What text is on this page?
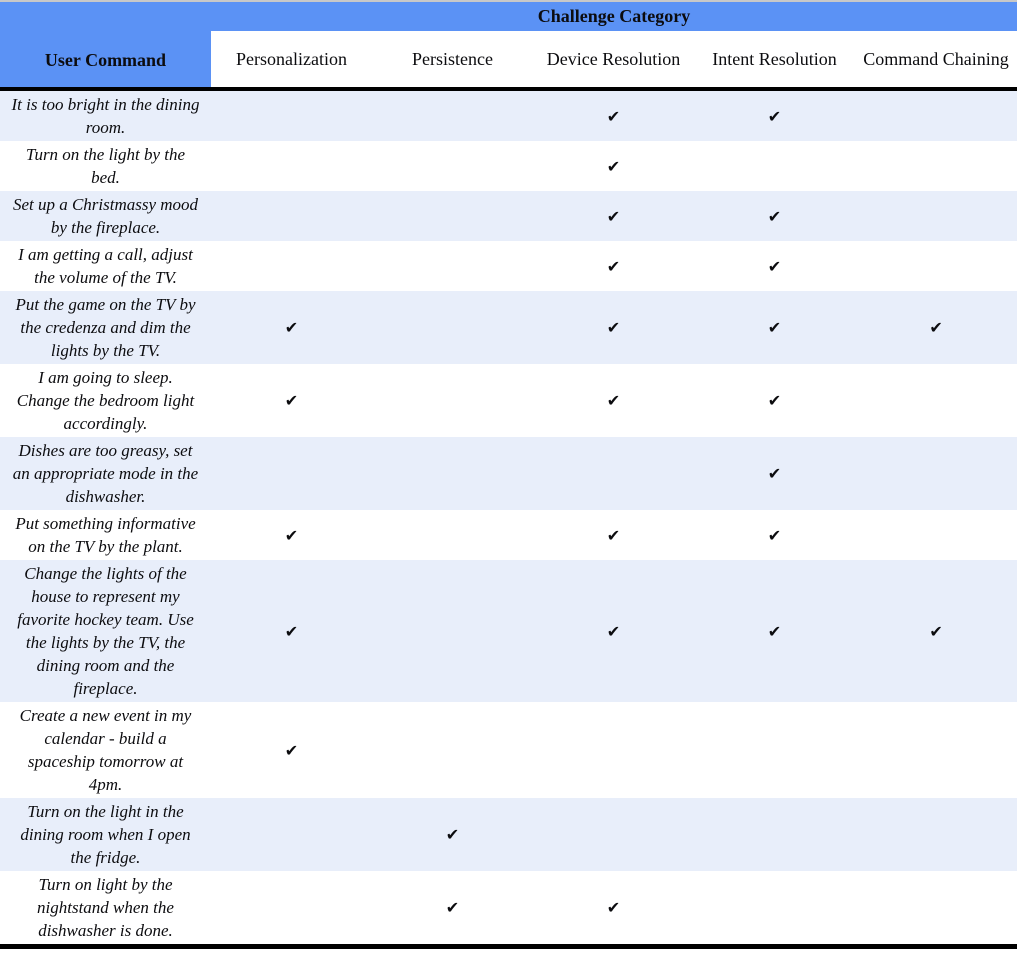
User Command	Challenge Category				
	Personalization	Persistence	Device Resolution	Intent Resolution	Command Chaining
It is too bright in the dining room.			✔	✔	
Turn on the light by the bed.			✔		
Set up a Christmassy mood by the fireplace.			✔	✔	
I am getting a call, adjust the volume of the TV.			✔	✔	
Put the game on the TV by the credenza and dim the lights by the TV.	✔		✔	✔	✔
I am going to sleep. Change the bedroom light accordingly.	✔		✔	✔	
Dishes are too greasy, set an appropriate mode in the dishwasher.				✔	
Put something informative on the TV by the plant.	✔		✔	✔	
Change the lights of the house to represent my favorite hockey team. Use the lights by the TV, the dining room and the fireplace.	✔		✔	✔	✔
Create a new event in my calendar - build a spaceship tomorrow at 4pm.	✔				
Turn on the light in the dining room when I open the fridge.		✔			
Turn on light by the nightstand when the dishwasher is done.		✔	✔		
